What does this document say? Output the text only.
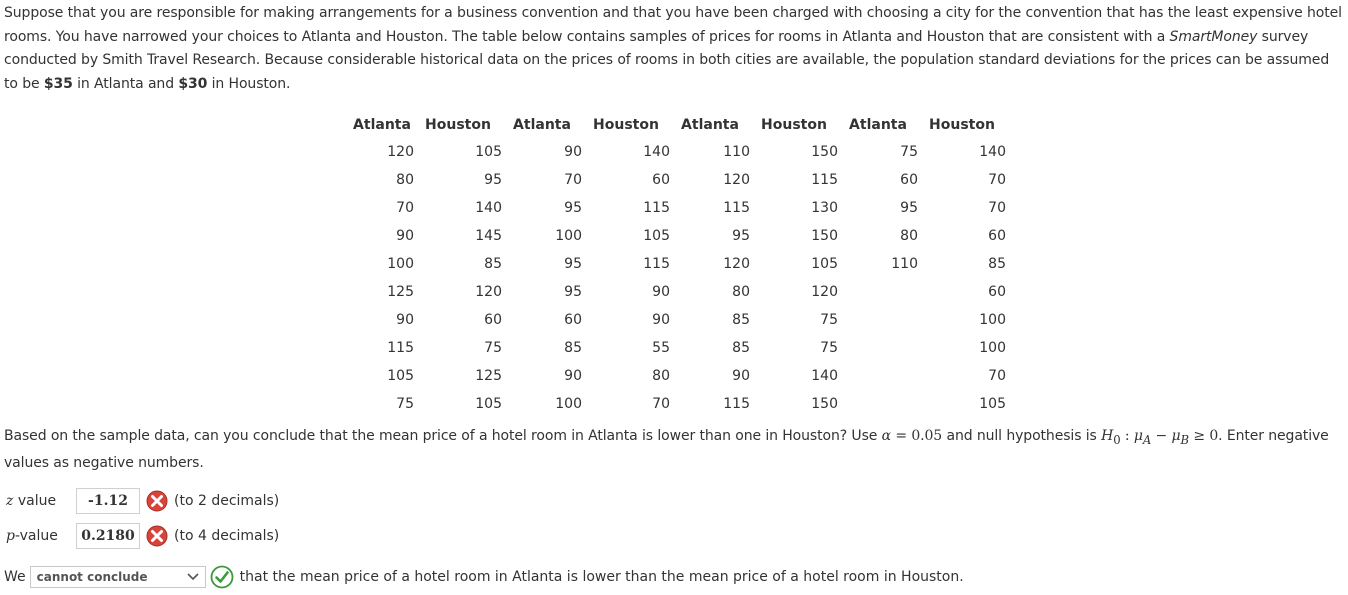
Suppose that you are responsible for making arrangements for a business convention and that you have been charged with choosing a city for the convention that has the least expensive hotel rooms. You have narrowed your choices to Atlanta and Houston. The table below contains samples of prices for rooms in Atlanta and Houston that are consistent with a SmartMoney survey conducted by Smith Travel Research. Because considerable historical data on the prices of rooms in both cities are available, the population standard deviations for the prices can be assumed to be $35 in Atlanta and $30 in Houston.
Atlanta	Houston	Atlanta	Houston	Atlanta	Houston	Atlanta	Houston
120	105	90	140	110	150	75	140
80	95	70	60	120	115	60	70
70	140	95	115	115	130	95	70
90	145	100	105	95	150	80	60
100	85	95	115	120	105	110	85
125	120	95	90	80	120		60
90	60	60	90	85	75		100
115	75	85	55	85	75		100
105	125	90	80	90	140		70
75	105	100	70	115	150		105
Based on the sample data, can you conclude that the mean price of a hotel room in Atlanta is lower than one in Houston? Use α = 0.05 and null hypothesis is $H_0$ : $\mu_A - \mu_B \ge 0$. Enter negative values as negative numbers.
z value	-1.12	(to 2 decimals)
p-value	0.2180	(to 4 decimals)
We cannot conclude	that the mean price of a hotel room in Atlanta is lower than the mean price of a hotel room in Houston.
